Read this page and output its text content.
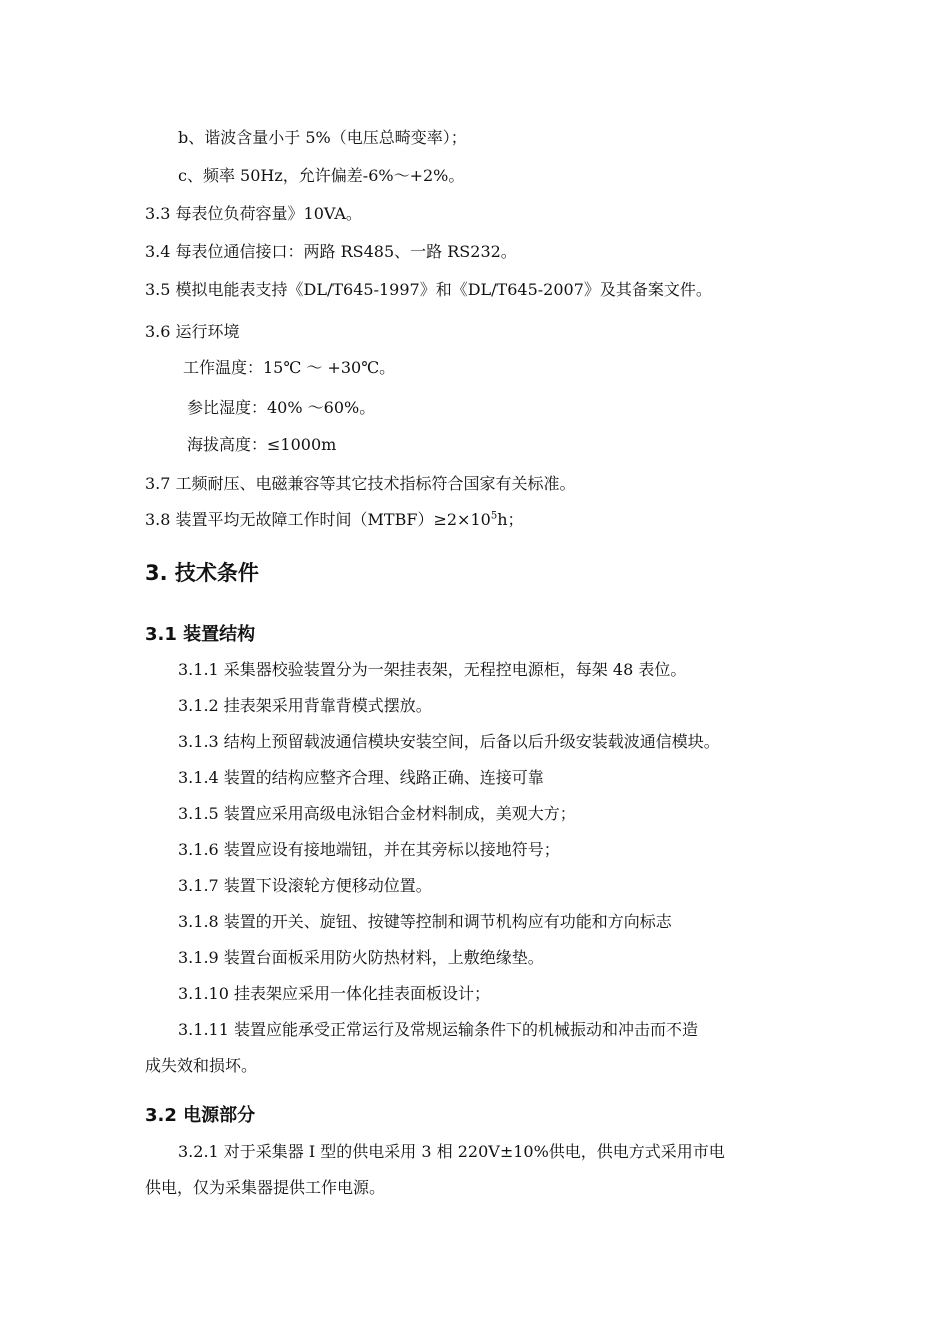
b、谐波含量小于 5%（电压总畸变率）；
c、频率 50Hz，允许偏差-6%～+2%。
3.3 每表位负荷容量》10VA。
3.4 每表位通信接口：两路 RS485、一路 RS232。
3.5 模拟电能表支持《DL/T645-1997》和《DL/T645-2007》及其备案文件。
3.6 运行环境
工作温度：15℃ ～ +30℃。
参比湿度：40% ～60%。
海拔高度：≤1000m
3.7 工频耐压、电磁兼容等其它技术指标符合国家有关标准。
3.8 装置平均无故障工作时间$(MTBF)\ge 2\times 10^5h$；
3. 技术条件
3.1 装置结构
3.1.1 采集器校验装置分为一架挂表架，无程控电源柜，每架 48 表位。
3.1.2 挂表架采用背靠背模式摆放。
3.1.3 结构上预留载波通信模块安装空间，后备以后升级安装载波通信模块。
3.1.4 装置的结构应整齐合理、线路正确、连接可靠
3.1.5 装置应采用高级电泳铝合金材料制成，美观大方；
3.1.6 装置应设有接地端钮，并在其旁标以接地符号；
3.1.7 装置下设滚轮方便移动位置。
3.1.8 装置的开关、旋钮、按键等控制和调节机构应有功能和方向标志
3.1.9 装置台面板采用防火防热材料，上敷绝缘垫。
3.1.10 挂表架应采用一体化挂表面板设计；
3.1.11 装置应能承受正常运行及常规运输条件下的机械振动和冲击而不造
成失效和损坏。
3.2 电源部分
3.2.1 对于采集器 I 型的供电采用 3 相 220V±10%供电，供电方式采用市电
供电，仅为采集器提供工作电源。
